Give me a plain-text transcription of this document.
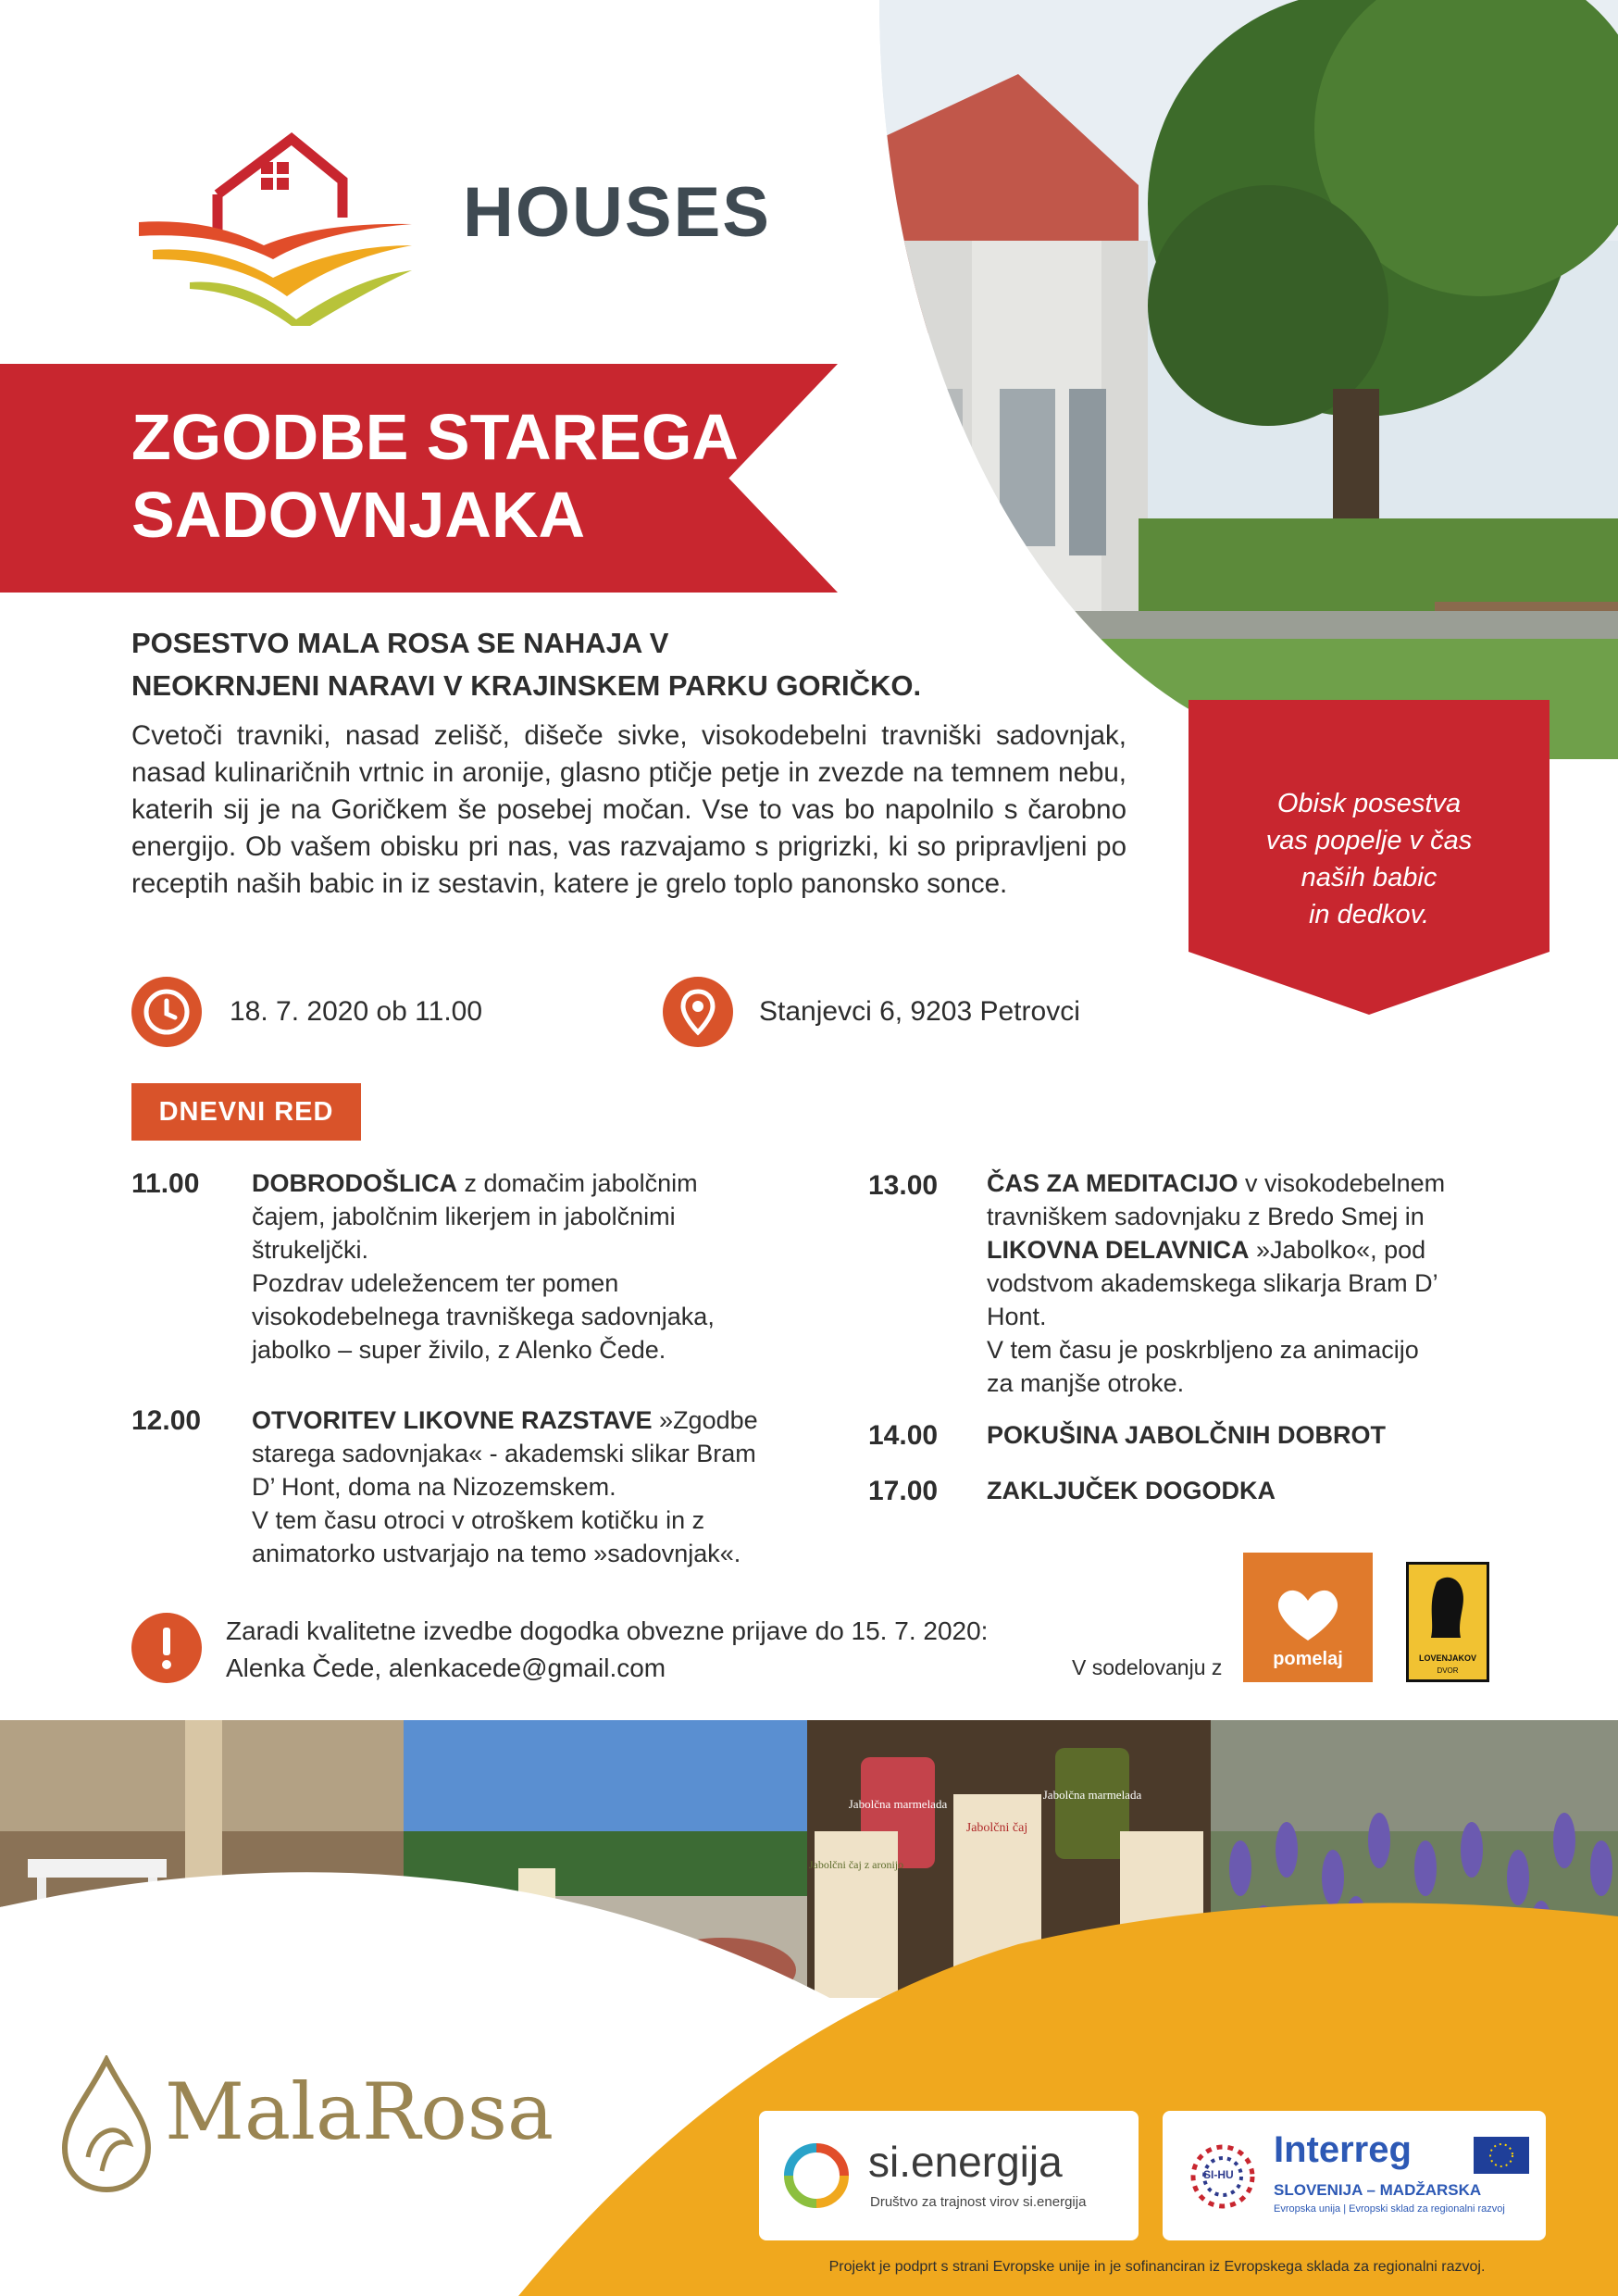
HOUSES
ZGODBE STAREGA
SADOVNJAKA
Obisk posestva
vas popelje v čas
naših babic
in dedkov.
POSESTVO MALA ROSA SE NAHAJA V
NEOKRNJENI NARAVI V KRAJINSKEM PARKU GORIČKO.
Cvetoči travniki, nasad zelišč, dišeče sivke, visokodebelni travniški sadovnjak, nasad kulinaričnih vrtnic in aronije, glasno ptičje petje in zvezde na temnem nebu, katerih sij je na Goričkem še posebej močan. Vse to vas bo napolnilo s čarobno energijo. Ob vašem obisku pri nas, vas razvajamo s prigrizki, ki so pripravljeni po receptih naših babic in iz sestavin, katere je grelo toplo panonsko sonce.
18. 7. 2020 ob 11.00	Stanjevci 6, 9203 Petrovci
DNEVNI RED
11.00 DOBRODOŠLICA z domačim jabolčnim
čajem, jabolčnim likerjem in jabolčnimi
štrukeljčki.
Pozdrav udeležencem ter pomen
visokodebelnega travniškega sadovnjaka,
jabolko – super živilo, z Alenko Čede.
12.00 OTVORITEV LIKOVNE RAZSTAVE »Zgodbe
starega sadovnjaka« - akademski slikar Bram
D’ Hont, doma na Nizozemskem.
V tem času otroci v otroškem kotičku in z
animatorko ustvarjajo na temo »sadovnjak«.
13.00 ČAS ZA MEDITACIJO v visokodebelnem
travniškem sadovnjaku z Bredo Smej in
LIKOVNA DELAVNICA »Jabolko«, pod
vodstvom akademskega slikarja Bram D’
Hont.
V tem času je poskrbljeno za animacijo
za manjše otroke.
14.00 POKUŠINA JABOLČNIH DOBROT
17.00 ZAKLJUČEK DOGODKA
Zaradi kvalitetne izvedbe dogodka obvezne prijave do 15. 7. 2020:
Alenka Čede, alenkacede@gmail.com	V sodelovanju z	pomelaj	LOVENJAKOV
DVOR
Jabolčna marmelada
Jabolčna marmelada
Jabolčni čaj
Jabolčni čaj z aronijo
MalaRosa
si.energija
Društvo za trajnost virov si.energija
SI-HU
Interreg
SLOVENIJA – MADŽARSKA
Evropska unija | Evropski sklad za regionalni razvoj
Projekt je podprt s strani Evropske unije in je sofinanciran iz Evropskega sklada za regionalni razvoj.
